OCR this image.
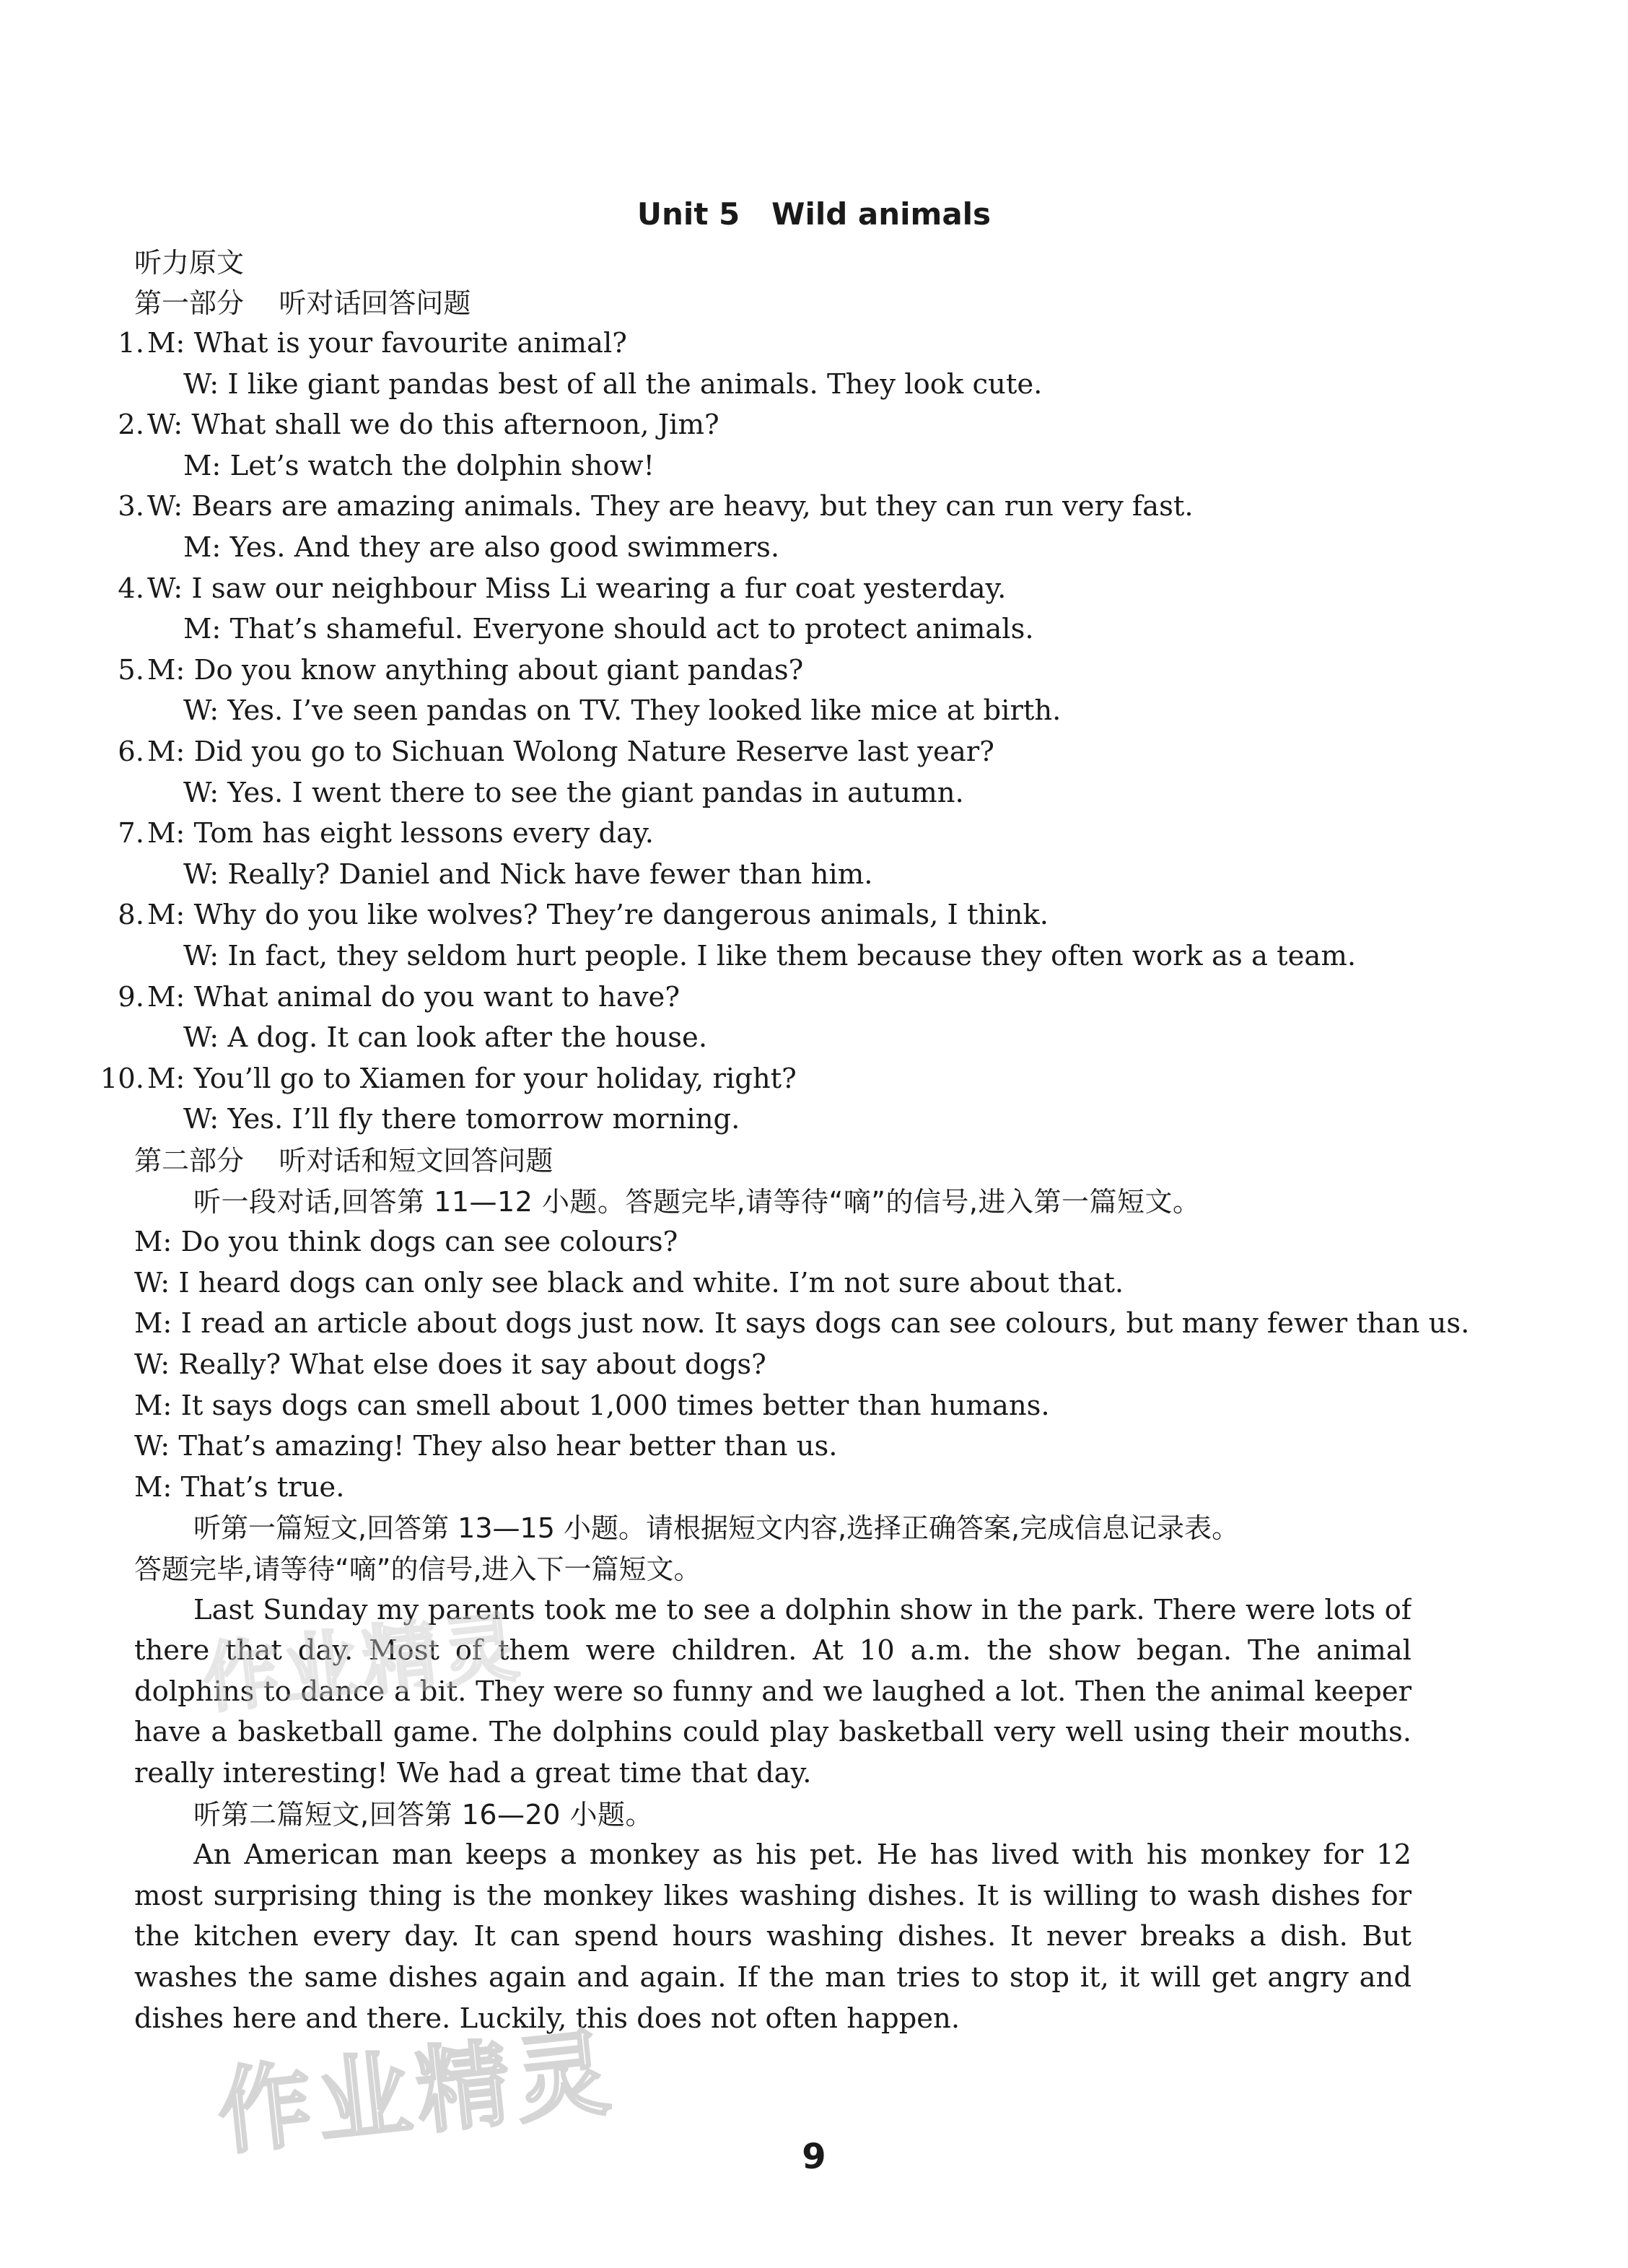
Unit 5   Wild animals
听力原文
第一部分    听对话回答问题
1. M: What is your favourite animal?
W: I like giant pandas best of all the animals. They look cute.
2. W: What shall we do this afternoon, Jim?
M: Let’s watch the dolphin show!
3. W: Bears are amazing animals. They are heavy, but they can run very fast.
M: Yes. And they are also good swimmers.
4. W: I saw our neighbour Miss Li wearing a fur coat yesterday.
M: That’s shameful. Everyone should act to protect animals.
5. M: Do you know anything about giant pandas?
W: Yes. I’ve seen pandas on TV. They looked like mice at birth.
6. M: Did you go to Sichuan Wolong Nature Reserve last year?
W: Yes. I went there to see the giant pandas in autumn.
7. M: Tom has eight lessons every day.
W: Really? Daniel and Nick have fewer than him.
8. M: Why do you like wolves? They’re dangerous animals, I think.
W: In fact, they seldom hurt people. I like them because they often work as a team.
9. M: What animal do you want to have?
W: A dog. It can look after the house.
10. M: You’ll go to Xiamen for your holiday, right?
W: Yes. I’ll fly there tomorrow morning.
第二部分    听对话和短文回答问题
听一段对话,回答第 11—12 小题。答题完毕,请等待“嘀”的信号,进入第一篇短文。
M: Do you think dogs can see colours?
W: I heard dogs can only see black and white. I’m not sure about that.
M: I read an article about dogs just now. It says dogs can see colours, but many fewer than us.
W: Really? What else does it say about dogs?
M: It says dogs can smell about 1,000 times better than humans.
W: That’s amazing! They also hear better than us.
M: That’s true.
听第一篇短文,回答第 13—15 小题。请根据短文内容,选择正确答案,完成信息记录表。
答题完毕,请等待“嘀”的信号,进入下一篇短文。
Last Sunday my parents took me to see a dolphin show in the park. There were lots of
there that day. Most of them were children. At 10 a.m. the show began. The animal
dolphins to dance a bit. They were so funny and we laughed a lot. Then the animal keeper
have a basketball game. The dolphins could play basketball very well using their mouths.
really interesting! We had a great time that day.
听第二篇短文,回答第 16—20 小题。
An American man keeps a monkey as his pet. He has lived with his monkey for 12
most surprising thing is the monkey likes washing dishes. It is willing to wash dishes for
the kitchen every day. It can spend hours washing dishes. It never breaks a dish. But
washes the same dishes again and again. If the man tries to stop it, it will get angry and
dishes here and there. Luckily, this does not often happen.
9
作业精灵
作业精灵
